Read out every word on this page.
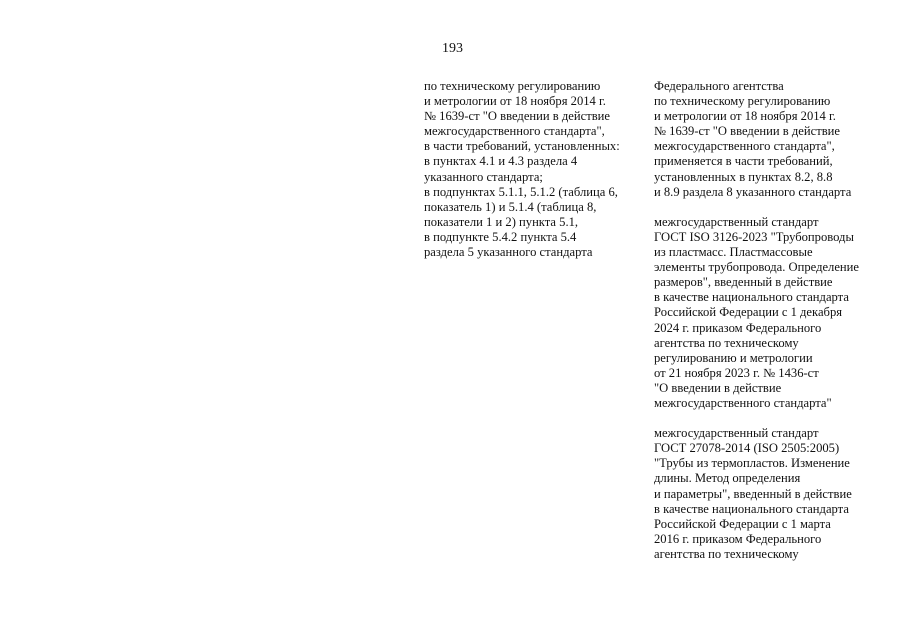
193
по техническому регулированию
и метрологии от 18 ноября 2014 г.
№ 1639-ст "О введении в действие
межгосударственного стандарта",
в части требований, установленных:
в пунктах 4.1 и 4.3 раздела 4
указанного стандарта;
в подпунктах 5.1.1, 5.1.2 (таблица 6,
показатель 1) и 5.1.4 (таблица 8,
показатели 1 и 2) пункта 5.1,
в подпункте 5.4.2 пункта 5.4
раздела 5 указанного стандарта
Федерального агентства
по техническому регулированию
и метрологии от 18 ноября 2014 г.
№ 1639-ст "О введении в действие
межгосударственного стандарта",
применяется в части требований,
установленных в пунктах 8.2, 8.8
и 8.9 раздела 8 указанного стандарта
межгосударственный стандарт
ГОСТ ISO 3126-2023 "Трубопроводы
из пластмасс. Пластмассовые
элементы трубопровода. Определение
размеров", введенный в действие
в качестве национального стандарта
Российской Федерации с 1 декабря
2024 г. приказом Федерального
агентства по техническому
регулированию и метрологии
от 21 ноября 2023 г. № 1436-ст
"О введении в действие
межгосударственного стандарта"
межгосударственный стандарт
ГОСТ 27078-2014 (ISO 2505:2005)
"Трубы из термопластов. Изменение
длины. Метод определения
и параметры", введенный в действие
в качестве национального стандарта
Российской Федерации с 1 марта
2016 г. приказом Федерального
агентства по техническому
